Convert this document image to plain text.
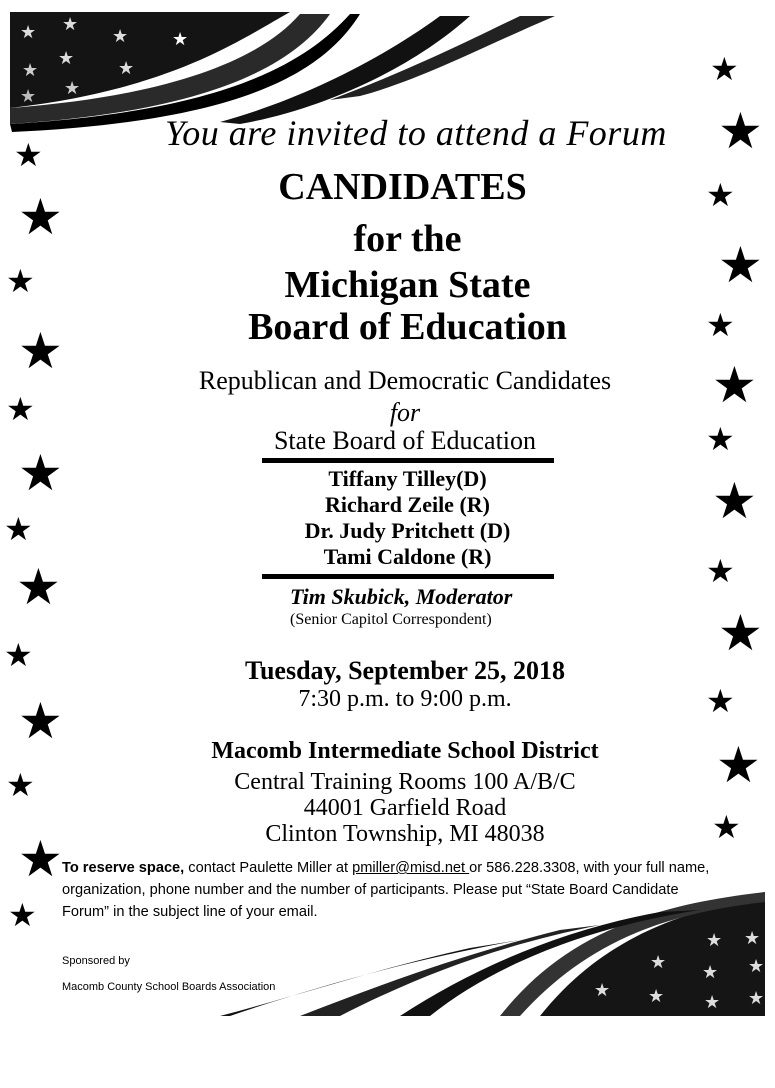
★ ★
★ ★
★
★ ★
★ ★
★ ★
★ ★ ★
★ ★ ★ ★
★
★
★
★
★
★
★
★
★
★
★
★
★
★
★
★
★
★
★
★
★
★
★
★
★
★
You are invited to attend a Forum
CANDIDATES
for the
Michigan State
Board of Education
Republican and Democratic Candidates
for
State Board of Education
Tiffany Tilley(D)
Richard Zeile (R)
Dr. Judy Pritchett (D)
Tami Caldone (R)
Tim Skubick, Moderator
(Senior Capitol Correspondent)
Tuesday, September 25, 2018
7:30 p.m. to 9:00 p.m.
Macomb Intermediate School District
Central Training Rooms 100 A/B/C
44001 Garfield Road
Clinton Township, MI 48038
To reserve space, contact Paulette Miller at pmiller@misd.net or 586.228.3308, with your full name, organization, phone number and the number of participants. Please put “State Board Candidate Forum” in the subject line of your email.
Sponsored by
Macomb County School Boards Association
